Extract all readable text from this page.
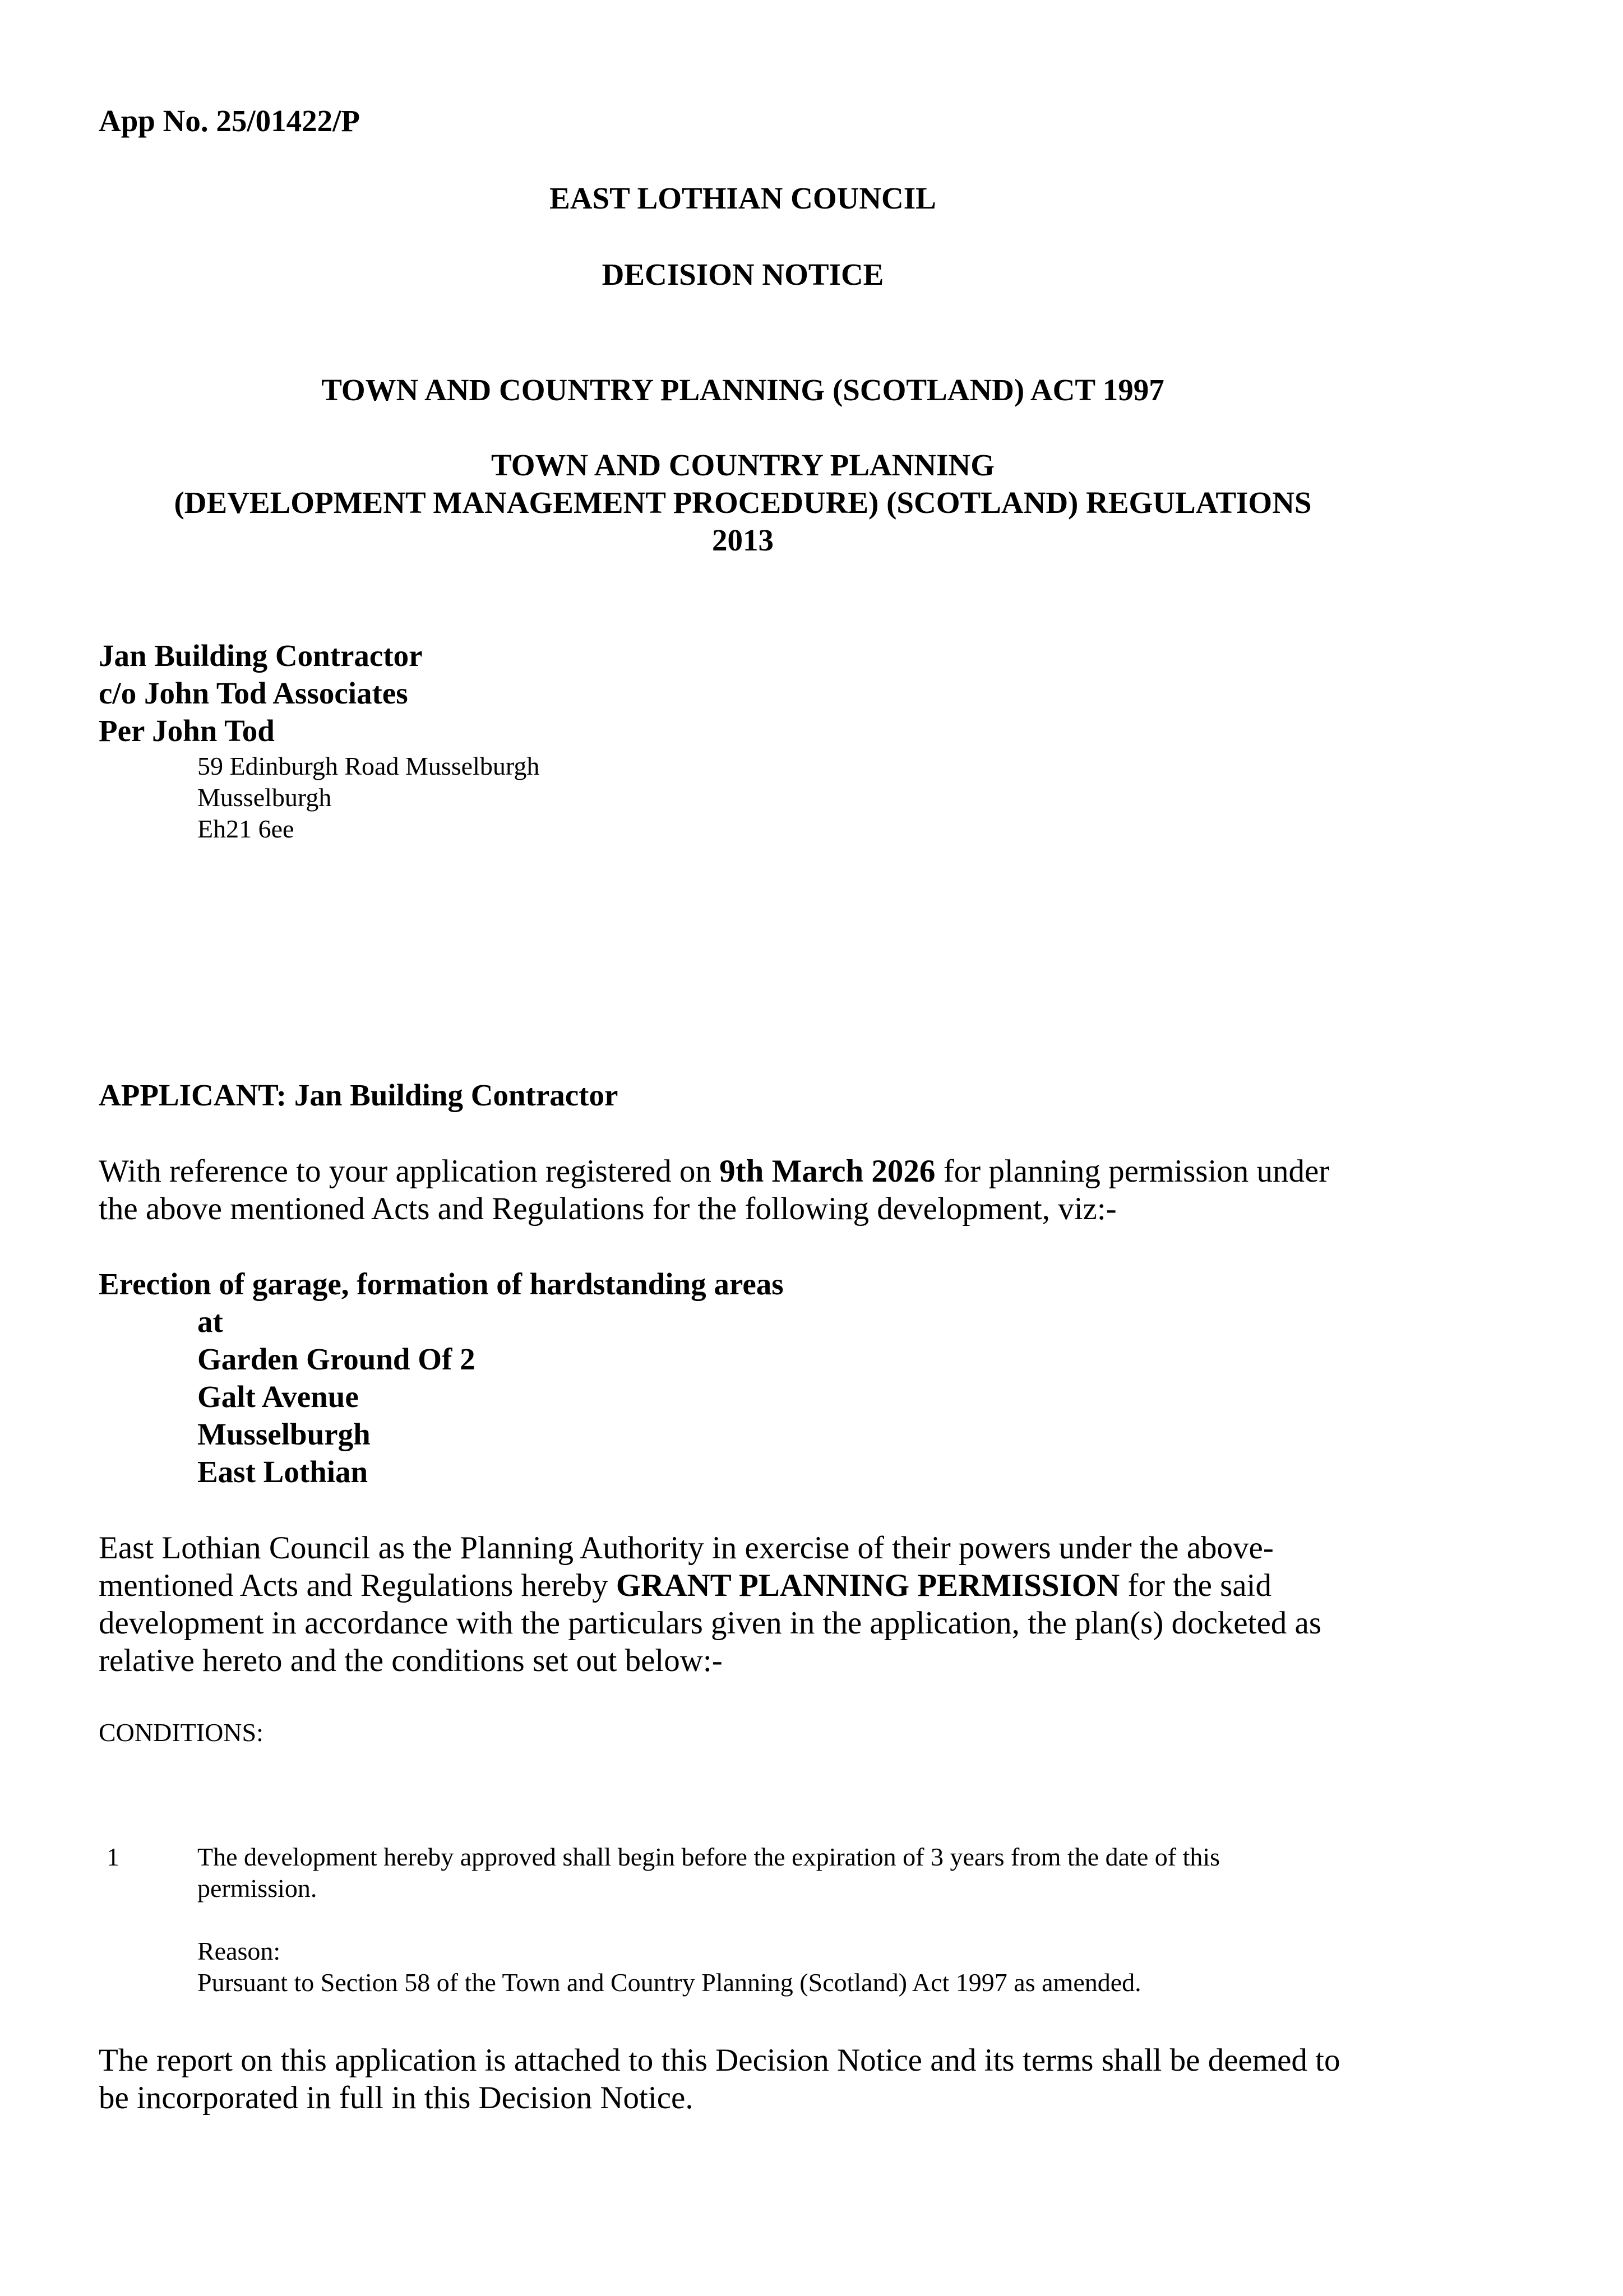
App No. 25/01422/P
EAST LOTHIAN COUNCIL
DECISION NOTICE
TOWN AND COUNTRY PLANNING (SCOTLAND) ACT 1997
TOWN AND COUNTRY PLANNING
(DEVELOPMENT MANAGEMENT PROCEDURE) (SCOTLAND) REGULATIONS
2013
Jan Building Contractor
c/o John Tod Associates
Per John Tod
59 Edinburgh Road Musselburgh
Musselburgh
Eh21 6ee
APPLICANT: Jan Building Contractor
With reference to your application registered on 9th March 2026 for planning permission under
the above mentioned Acts and Regulations for the following development, viz:-
Erection of garage, formation of hardstanding areas
at
Garden Ground Of 2
Galt Avenue
Musselburgh
East Lothian
East Lothian Council as the Planning Authority in exercise of their powers under the above-
mentioned Acts and Regulations hereby GRANT PLANNING PERMISSION for the said
development in accordance with the particulars given in the application, the plan(s) docketed as
relative hereto and the conditions set out below:-
CONDITIONS:
1	The development hereby approved shall begin before the expiration of 3 years from the date of this
permission.
Reason:
Pursuant to Section 58 of the Town and Country Planning (Scotland) Act 1997 as amended.
The report on this application is attached to this Decision Notice and its terms shall be deemed to
be incorporated in full in this Decision Notice.
